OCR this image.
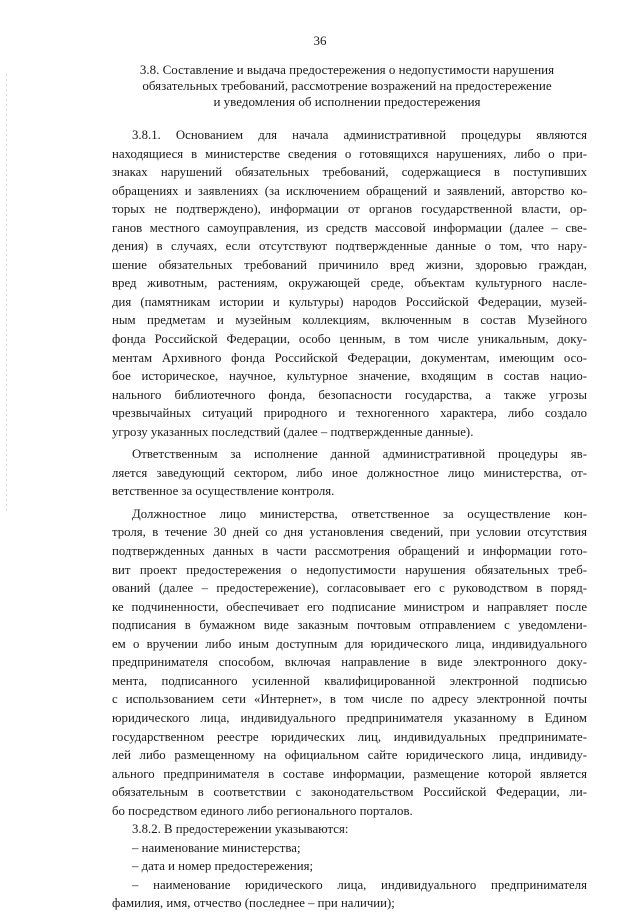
36
3.8. Составление и выдача предостережения о недопустимости нарушения
обязательных требований, рассмотрение возражений на предостережение
и уведомления об исполнении предостережения
3.8.1. Основанием для начала административной процедуры являются
находящиеся в министерстве сведения о готовящихся нарушениях, либо о при-
знаках нарушений обязательных требований, содержащиеся в поступивших
обращениях и заявлениях (за исключением обращений и заявлений, авторство ко-
торых не подтверждено), информации от органов государственной власти, ор-
ганов местного самоуправления, из средств массовой информации (далее – све-
дения) в случаях, если отсутствуют подтвержденные данные о том, что нару-
шение обязательных требований причинило вред жизни, здоровью граждан,
вред животным, растениям, окружающей среде, объектам культурного насле-
дия (памятникам истории и культуры) народов Российской Федерации, музей-
ным предметам и музейным коллекциям, включенным в состав Музейного
фонда Российской Федерации, особо ценным, в том числе уникальным, доку-
ментам Архивного фонда Российской Федерации, документам, имеющим осо-
бое историческое, научное, культурное значение, входящим в состав нацио-
нального библиотечного фонда, безопасности государства, а также угрозы
чрезвычайных ситуаций природного и техногенного характера, либо создало
угрозу указанных последствий (далее – подтвержденные данные).
Ответственным за исполнение данной административной процедуры яв-
ляется заведующий сектором, либо иное должностное лицо министерства, от-
ветственное за осуществление контроля.
Должностное лицо министерства, ответственное за осуществление кон-
троля, в течение 30 дней со дня установления сведений, при условии отсутствия
подтвержденных данных в части рассмотрения обращений и информации гото-
вит проект предостережения о недопустимости нарушения обязательных треб-
ований (далее – предостережение), согласовывает его с руководством в поряд-
ке подчиненности, обеспечивает его подписание министром и направляет после
подписания в бумажном виде заказным почтовым отправлением с уведомлени-
ем о вручении либо иным доступным для юридического лица, индивидуального
предпринимателя способом, включая направление в виде электронного доку-
мента, подписанного усиленной квалифицированной электронной подписью
с использованием сети «Интернет», в том числе по адресу электронной почты
юридического лица, индивидуального предпринимателя указанному в Едином
государственном реестре юридических лиц, индивидуальных предпринимате-
лей либо размещенному на официальном сайте юридического лица, индивиду-
ального предпринимателя в составе информации, размещение которой является
обязательным в соответствии с законодательством Российской Федерации, ли-
бо посредством единого либо регионального порталов.
3.8.2. В предостережении указываются:
– наименование министерства;
– дата и номер предостережения;
– наименование юридического лица, индивидуального предпринимателя
фамилия, имя, отчество (последнее – при наличии);
